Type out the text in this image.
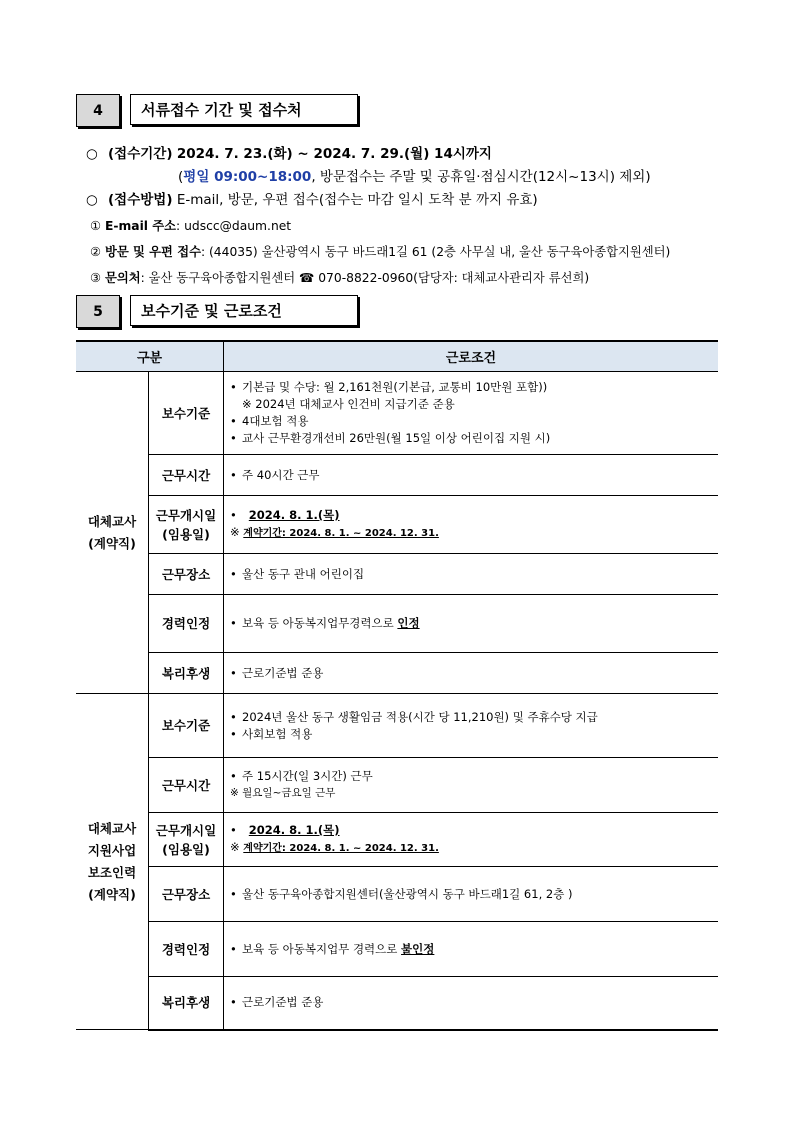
4	서류접수 기간 및 접수처
○ (접수기간) 2024. 7. 23.(화) ~ 2024. 7. 29.(월) 14시까지
(평일 09:00~18:00, 방문접수는 주말 및 공휴일·점심시간(12시~13시) 제외)
○ (접수방법) E-mail, 방문, 우편 접수(접수는 마감 일시 도착 분 까지 유효)
① E-mail 주소: udscc@daum.net
② 방문 및 우편 접수: (44035) 울산광역시 동구 바드래1길 61 (2층 사무실 내, 울산 동구육아종합지원센터)
③ 문의처: 울산 동구육아종합지원센터 ☎ 070-8822-0960(담당자: 대체교사관리자 류선희)
5	보수기준 및 근로조건
구분		근로조건

대체교사
(계약직)	보수기준	• 기본급 및 수당: 월 2,161천원(기본급, 교통비 10만원 포함))
※ 2024년 대체교사 인건비 지급기준 준용
• 4대보험 적용
• 교사 근무환경개선비 26만원(월 15일 이상 어린이집 지원 시)

	근무시간	• 주 40시간 근무

	근무개시일
(임용일)	• 2024. 8. 1.(목)
※ 계약기간: 2024. 8. 1. ~ 2024. 12. 31.

	근무장소	• 울산 동구 관내 어린이집

	경력인정	• 보육 등 아동복지업무경력으로 인정

	복리후생	• 근로기준법 준용

대체교사
지원사업
보조인력
(계약직)	보수기준	• 2024년 울산 동구 생활임금 적용(시간 당 11,210원) 및 주휴수당 지급
• 사회보험 적용

	근무시간	• 주 15시간(일 3시간) 근무
※ 월요일~금요일 근무

	근무개시일
(임용일)	• 2024. 8. 1.(목)
※ 계약기간: 2024. 8. 1. ~ 2024. 12. 31.

	근무장소	• 울산 동구육아종합지원센터(울산광역시 동구 바드래1길 61, 2층 )

	경력인정	• 보육 등 아동복지업무 경력으로 불인정

	복리후생	• 근로기준법 준용
